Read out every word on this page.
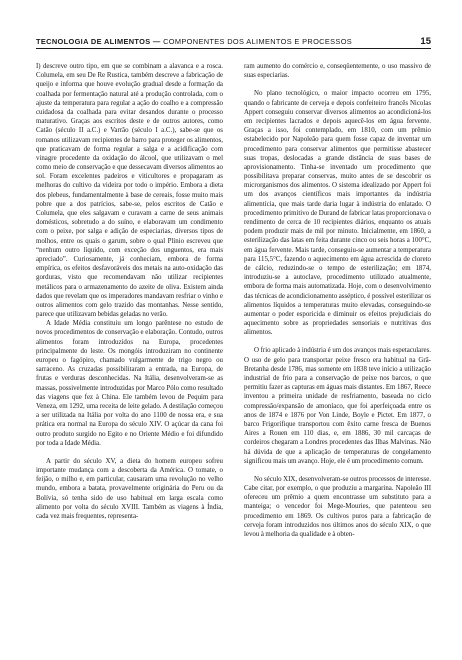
TECNOLOGIA DE ALIMENTOS — COMPONENTES DOS ALIMENTOS E PROCESSOS	15

I) descreve outro tipo, em que se combinam a alavanca e a rosca. Columela, em seu De Re Rustica, também descreve a fabricação de queijo e informa que houve evolução gradual desde a formação da coalhada por fermentação natural até a produção controlada, com o ajuste da temperatura para regular a ação do coalho e a compressão cuidadosa da coalhada para evitar desandos durante o processo maturativo. Graças aos escritos deste e de outros autores, como Catão (século II a.C.) e Varrão (século I a.C.), sabe-se que os romanos utilizavam recipientes de barro para proteger os alimentos, que praticavam de forma regular a salga e a acidificação com vinagre procedente da oxidação do álcool, que utilizavam o mel como meio de conservação e que dessecavam diversos alimentos ao sol. Foram excelentes padeiros e viticultores e propagaram as melhoras do cultivo da videira por todo o império. Embora a dieta dos plebeus, fundamentalmente à base de cereais, fosse muito mais pobre que a dos patrícios, sabe-se, pelos escritos de Catão e Columela, que eles salgavam e curavam a carne de seus animais domésticos, sobretudo a do suíno, e elaboravam um condimento com o peixe, por salga e adição de especiarias, diversos tipos de molhos, entre os quais o garum, sobre o qual Plínio escreveu que “nenhum outro líquido, com exceção dos unguentos, era mais apreciado”. Curiosamente, já conheciam, embora de forma empírica, os efeitos desfavoráveis dos metais na auto-oxidação das gorduras, visto que recomendavam não utilizar recipientes metálicos para o armazenamento do azeite de oliva. Existem ainda dados que revelam que os imperadores mandavam resfriar o vinho e outros alimentos com gelo trazido das montanhas. Nesse sentido, parece que utilizavam bebidas geladas no verão.

A Idade Média constituiu um longo parêntese no estudo de novos procedimentos de conservação e elaboração. Contudo, outros alimentos foram introduzidos na Europa, procedentes principalmente do leste. Os mongóis introduziram no continente europeu o fagópiro, chamado vulgarmente de trigo negro ou sarraceno. As cruzadas possibilitaram a entrada, na Europa, de frutas e verduras desconhecidas. Na Itália, desenvolveram-se as massas, possivelmente introduzidas por Marco Pólo como resultado das viagens que fez à China. Ele também levou de Pequim para Veneza, em 1292, uma receita de leite gelado. A destilação começou a ser utilizada na Itália por volta do ano 1100 de nossa era, e sua prática era normal na Europa do século XIV. O açúcar da cana foi outro produto surgido no Egito e no Oriente Médio e foi difundido por toda a Idade Média.

A partir do século XV, a dieta do homem europeu sofreu importante mudança com a descoberta da América. O tomate, o feijão, o milho e, em particular, causaram uma revolução no velho mundo, embora a batata, provavelmente originária do Peru ou da Bolívia, só tenha sido de uso habitual em larga escala como alimento por volta do século XVIII. Também as viagens à Índia, cada vez mais frequentes, representa-

ram aumento do comércio e, conseqüentemente, o uso massivo de suas especiarias.

No plano tecnológico, o maior impacto ocorreu em 1795, quando o fabricante de cerveja e depois confeiteiro francês Nicolas Appert conseguiu conservar diversos alimentos ao acondicioná-los em recipientes lacrados e depois aquecê-los em água fervente. Graças a isso, foi contemplado, em 1810, com um prêmio estabelecido por Napoleão para quem fosse capaz de inventar um procedimento para conservar alimentos que permitisse abastecer suas tropas, deslocadas a grande distância de suas bases de aprovisionamento. Tinha-se inventado um procedimento que possibilitava preparar conservas, muito antes de se descobrir os microrganismos dos alimentos. O sistema idealizado por Appert foi um dos avanços científicos mais importantes da indústria alimentícia, que mais tarde daria lugar à indústria do enlatado. O procedimento primitivo de Durand de fabricar latas proporcionava o rendimento de cerca de 10 recipientes diários, enquanto os atuais podem produzir mais de mil por minuto. Inicialmente, em 1860, a esterilização das latas em feita durante cinco ou seis horas a 100°C, em água fervente. Mais tarde, conseguiu-se aumentar a temperatura para 115,5°C, fazendo o aquecimento em água acrescida de cloreto de cálcio, reduzindo-se o tempo de esterilização; em 1874, introduziu-se a autoclave, procedimento utilizado atualmente, embora de forma mais automatizada. Hoje, com o desenvolvimento das técnicas de acondicionamento asséptico, é possível esterilizar os alimentos líquidos a temperaturas muito elevadas, conseguindo-se aumentar o poder esporicida e diminuir os efeitos prejudiciais do aquecimento sobre as propriedades sensoriais e nutritivas dos alimentos.

O frio aplicado à indústria é um dos avanços mais espetaculares. O uso de gelo para transportar peixe fresco era habitual na Grã-Bretanha desde 1786, mas somente em 1838 teve início a utilização industrial de frio para a conservação de peixe nos barcos, o que permitiu fazer as capturas em águas mais distantes. Em 1867, Reece inventou a primeira unidade de resfriamento, baseada no ciclo compressão/expansão de amoníaco, que foi aperfeiçoada entre os anos de 1874 e 1876 por Von Linde, Boyle e Pictet. Em 1877, o barco Frigorifique transportou com êxito carne fresca de Buenos Aires a Rouen em 110 dias, e, em 1886, 30 mil carcaças de cordeiros chegaram a Londres procedentes das Ilhas Malvinas. Não há dúvida de que a aplicação de temperaturas de congelamento significou mais um avanço. Hoje, ele é um procedimento comum.

No século XIX, desenvolveram-se outros processos de interesse. Cabe citar, por exemplo, o que produziu a margarina. Napoleão III ofereceu um prêmio a quem encontrasse um substituto para a manteiga; o vencedor foi Mege-Mouries, que patenteou seu procedimento em 1869. Os cultivos puros para a fabricação de cerveja foram introduzidos nos últimos anos do século XIX, o que levou à melhoria da qualidade e à obten-
